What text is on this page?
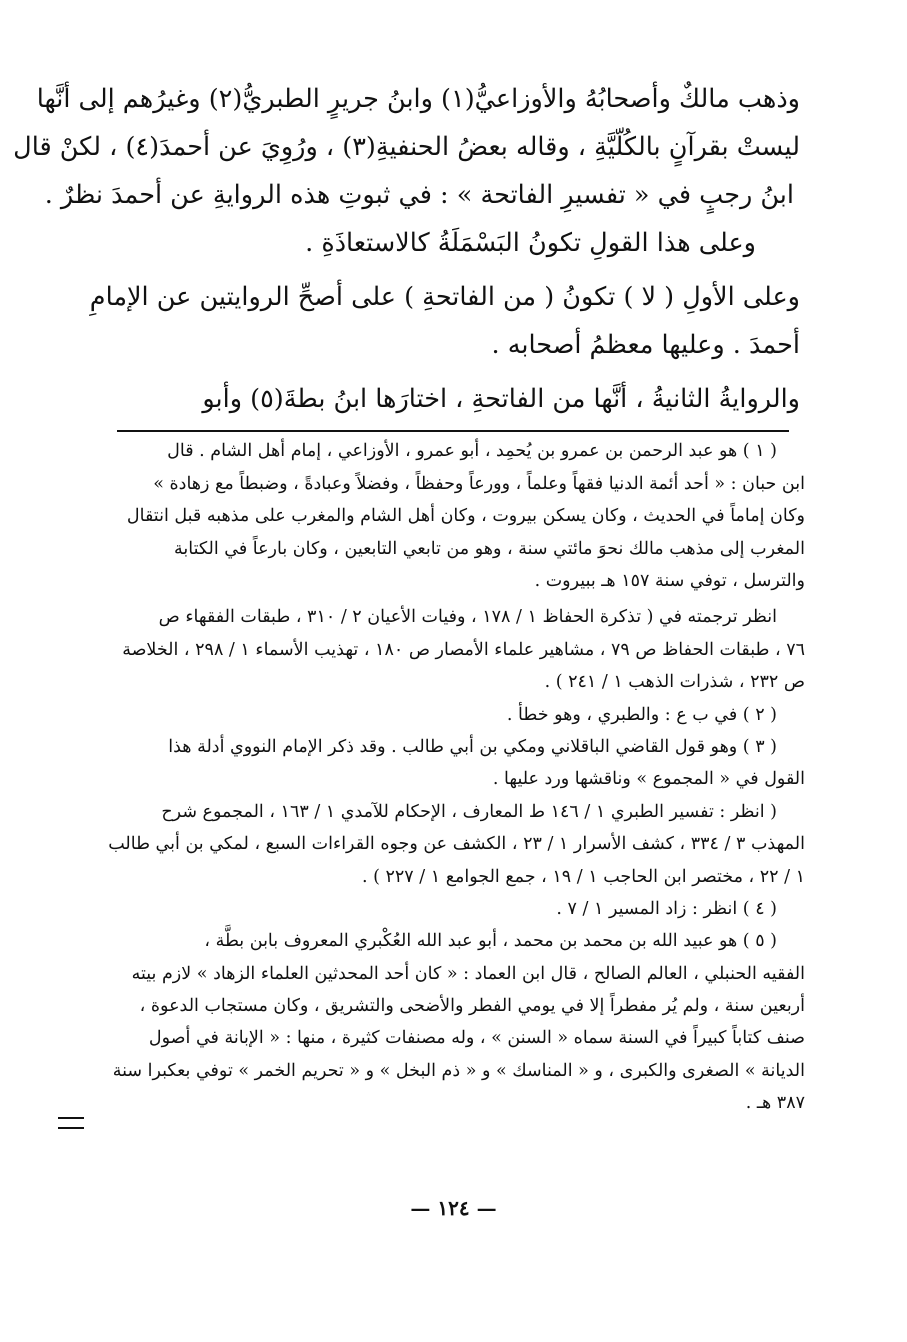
وذهب مالكٌ وأصحابُهُ والأوزاعيُّ(١) وابنُ جريرٍ الطبريُّ(٢) وغيرُهم إلى أنَّها
ليستْ بقرآنٍ بالكُلّيَّةِ ، وقاله بعضُ الحنفيةِ(٣) ، ورُوِيَ عن أحمدَ(٤) ، لكنْ قال
ابنُ رجبٍ في « تفسيرِ الفاتحة » : في ثبوتِ هذه الروايةِ عن أحمدَ نظرٌ .
وعلى هذا القولِ تكونُ البَسْمَلَةُ كالاستعاذَةِ .
وعلى الأولِ ( لا ) تكونُ ( من الفاتحةِ ) على أصحِّ الروايتين عن الإمامِ
أحمدَ . وعليها معظمُ أصحابه .
والروايةُ الثانيةُ ، أنَّها من الفاتحةِ ، اختارَها ابنُ بطةَ(٥) وأبو
( ١ ) هو عبد الرحمن بن عمرو بن يُحمِد ، أبو عمرو ، الأوزاعي ، إمام أهل الشام . قال
ابن حبان : « أحد أئمة الدنيا فقهاً وعلماً ، وورعاً وحفظاً ، وفضلاً وعبادةً ، وضبطاً مع زهادة »
وكان إماماً في الحديث ، وكان يسكن بيروت ، وكان أهل الشام والمغرب على مذهبه قبل انتقال
المغرب إلى مذهب مالك نحوَ مائتي سنة ، وهو من تابعي التابعين ، وكان بارعاً في الكتابة
والترسل ، توفي سنة ١٥٧ هـ ببيروت .
انظر ترجمته في ( تذكرة الحفاظ ١ / ١٧٨ ، وفيات الأعيان ٢ / ٣١٠ ، طبقات الفقهاء ص
٧٦ ، طبقات الحفاظ ص ٧٩ ، مشاهير علماء الأمصار ص ١٨٠ ، تهذيب الأسماء ١ / ٢٩٨ ، الخلاصة
ص ٢٣٢ ، شذرات الذهب ١ / ٢٤١ ) .
( ٢ ) في ب ع : والطبري ، وهو خطأ .
( ٣ ) وهو قول القاضي الباقلاني ومكي بن أبي طالب . وقد ذكر الإمام النووي أدلة هذا
القول في « المجموع » وناقشها ورد عليها .
( انظر : تفسير الطبري ١ / ١٤٦ ط المعارف ، الإحكام للآمدي ١ / ١٦٣ ، المجموع شرح
المهذب ٣ / ٣٣٤ ، كشف الأسرار ١ / ٢٣ ، الكشف عن وجوه القراءات السبع ، لمكي بن أبي طالب
١ / ٢٢ ، مختصر ابن الحاجب ١ / ١٩ ، جمع الجوامع ١ / ٢٢٧ ) .
( ٤ ) انظر : زاد المسير ١ / ٧ .
( ٥ ) هو عبيد الله بن محمد بن محمد ، أبو عبد الله العُكْبري المعروف بابن بطَّة ،
الفقيه الحنبلي ، العالم الصالح ، قال ابن العماد : « كان أحد المحدثين العلماء الزهاد » لازم بيته
أربعين سنة ، ولم يُر مفطراً إلا في يومي الفطر والأضحى والتشريق ، وكان مستجاب الدعوة ،
صنف كتاباً كبيراً في السنة سماه « السنن » ، وله مصنفات كثيرة ، منها : « الإبانة في أصول
الديانة » الصغرى والكبرى ، و « المناسك » و « ذم البخل » و « تحريم الخمر » توفي بعكبرا سنة
٣٨٧ هـ .
— ١٢٤ —
